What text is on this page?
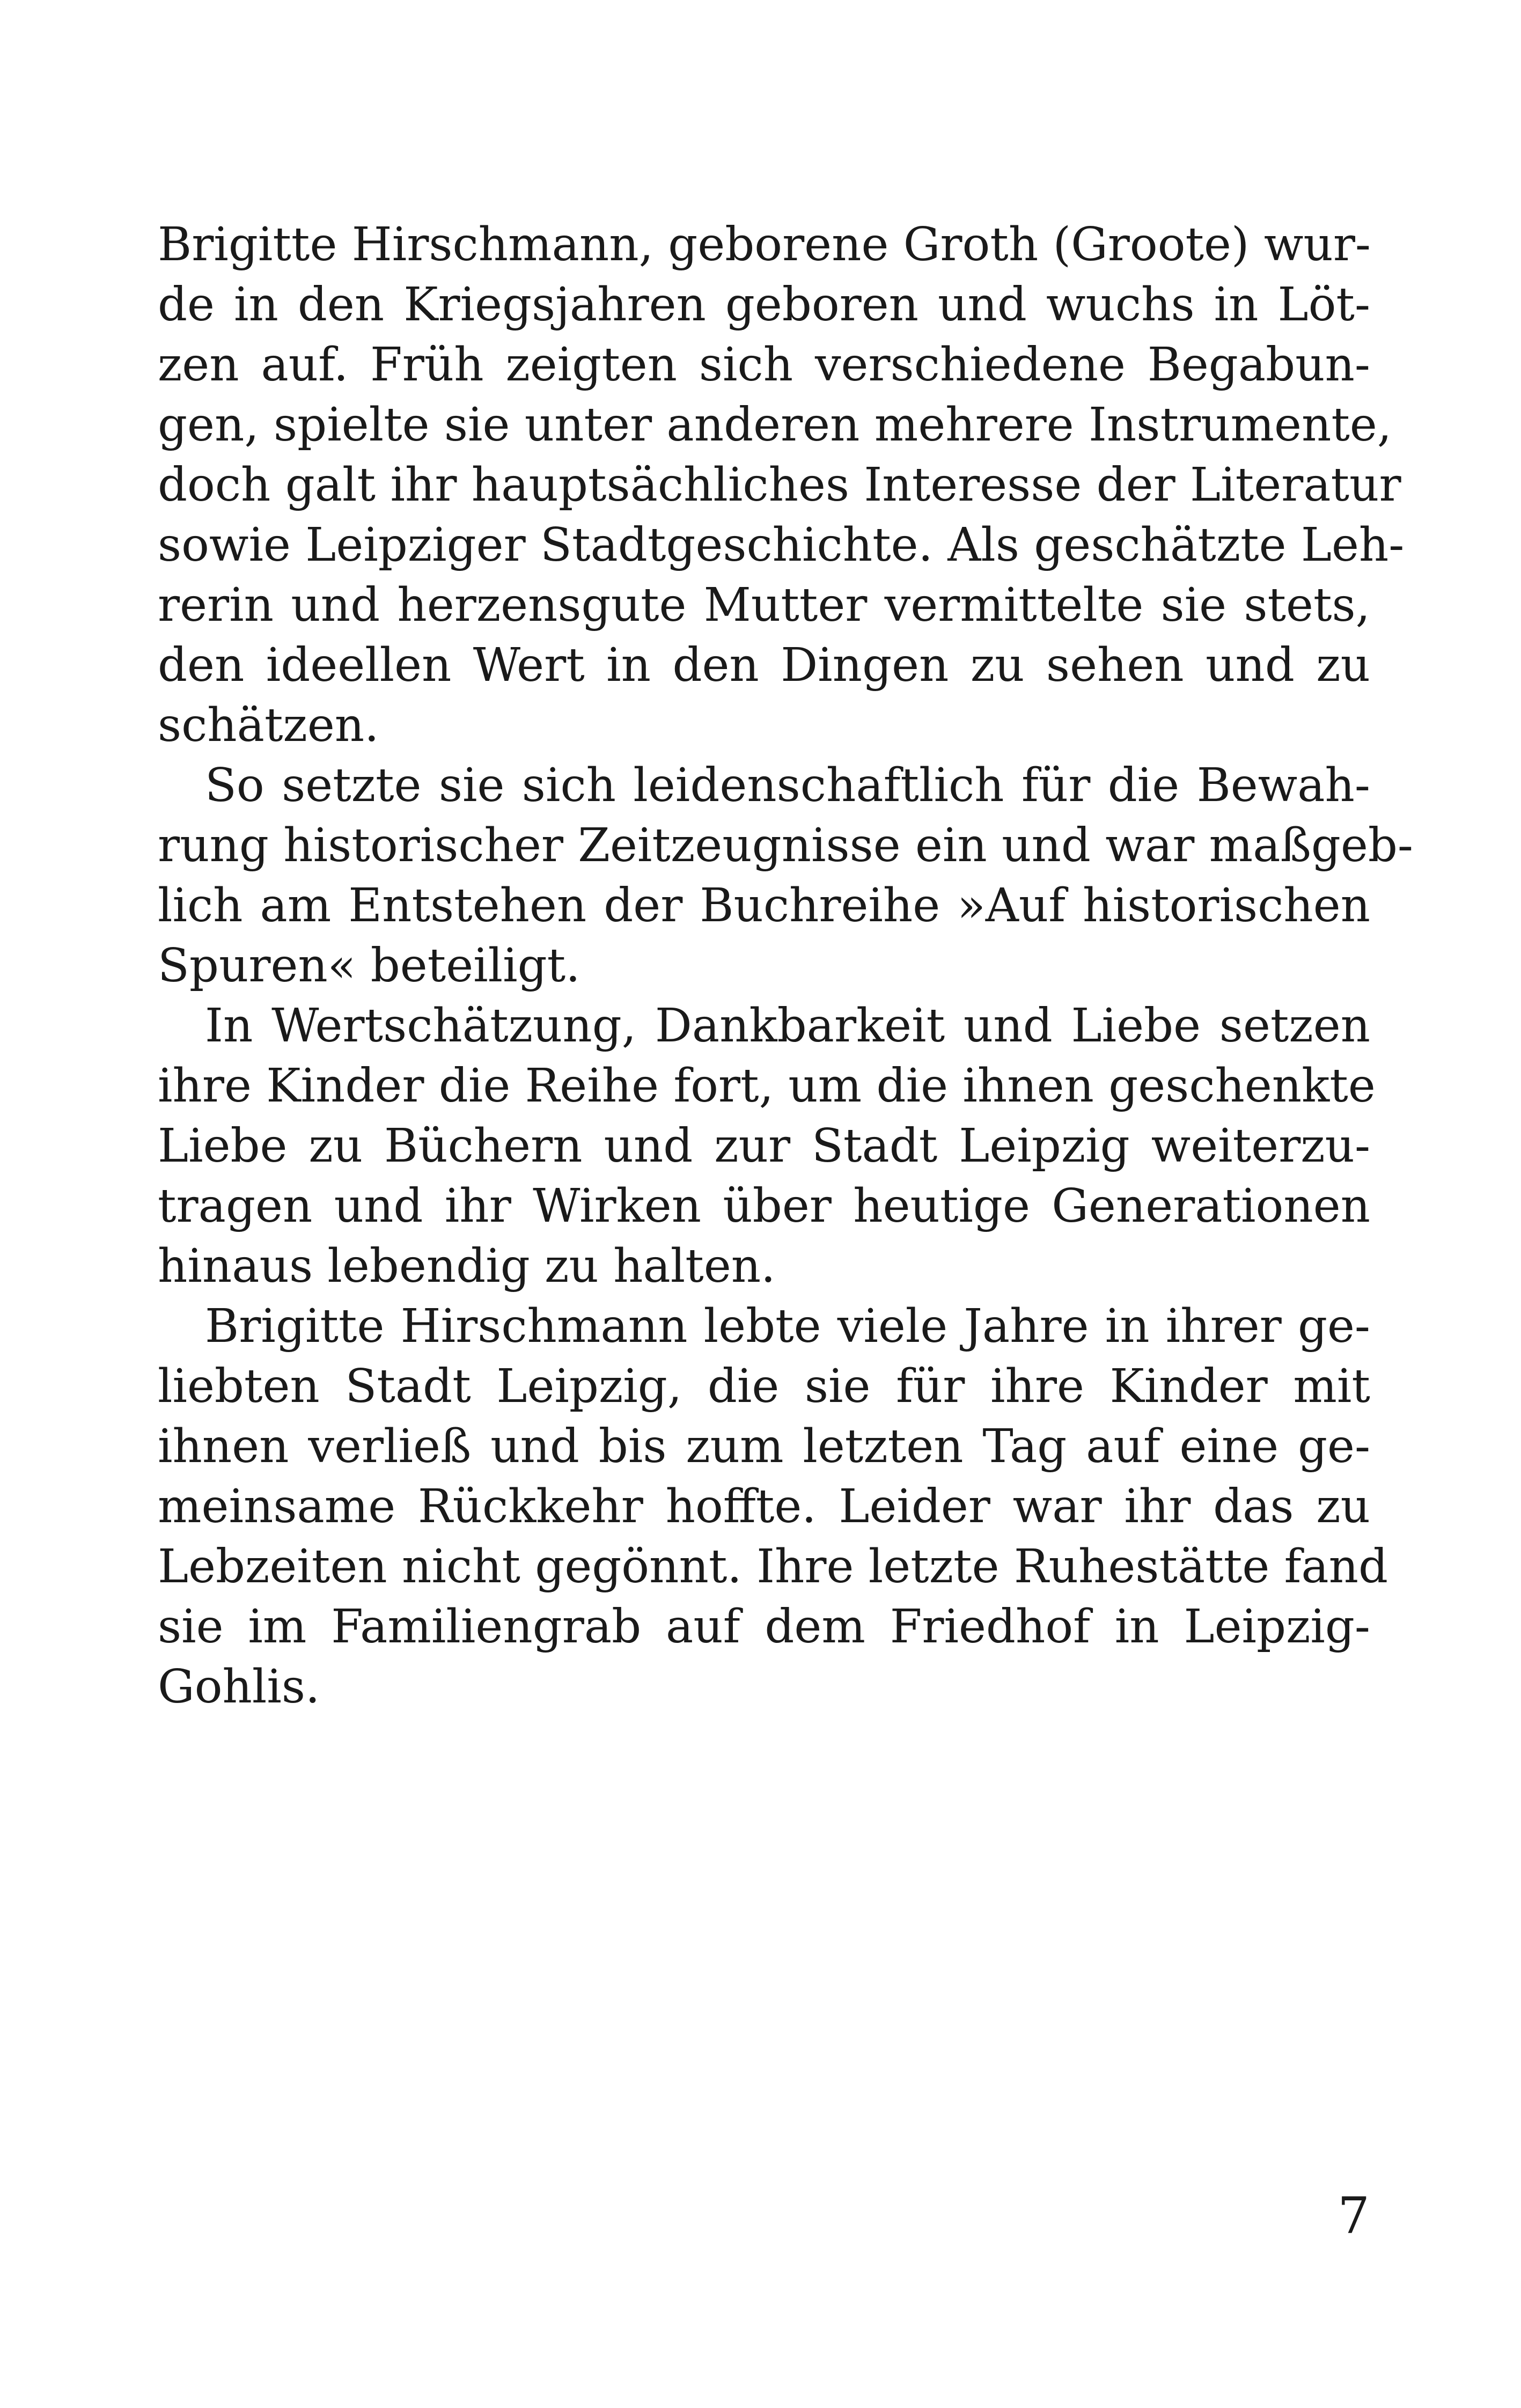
Brigitte Hirschmann, geborene Groth (Groote) wur-
de in den Kriegsjahren geboren und wuchs in Löt-
zen auf. Früh zeigten sich verschiedene Begabun-
gen, spielte sie unter anderen mehrere Instrumente,
doch galt ihr hauptsächliches Interesse der Literatur
sowie Leipziger Stadtgeschichte. Als geschätzte Leh-
rerin und herzensgute Mutter vermittelte sie stets,
den ideellen Wert in den Dingen zu sehen und zu
schätzen.
So setzte sie sich leidenschaftlich für die Bewah-
rung historischer Zeitzeugnisse ein und war maßgeb-
lich am Entstehen der Buchreihe »Auf historischen
Spuren« beteiligt.
In Wertschätzung, Dankbarkeit und Liebe setzen
ihre Kinder die Reihe fort, um die ihnen geschenkte
Liebe zu Büchern und zur Stadt Leipzig weiterzu-
tragen und ihr Wirken über heutige Generationen
hinaus lebendig zu halten.
Brigitte Hirschmann lebte viele Jahre in ihrer ge-
liebten Stadt Leipzig, die sie für ihre Kinder mit
ihnen verließ und bis zum letzten Tag auf eine ge-
meinsame Rückkehr hoffte. Leider war ihr das zu
Lebzeiten nicht gegönnt. Ihre letzte Ruhestätte fand
sie im Familiengrab auf dem Friedhof in Leipzig-
Gohlis.
7
